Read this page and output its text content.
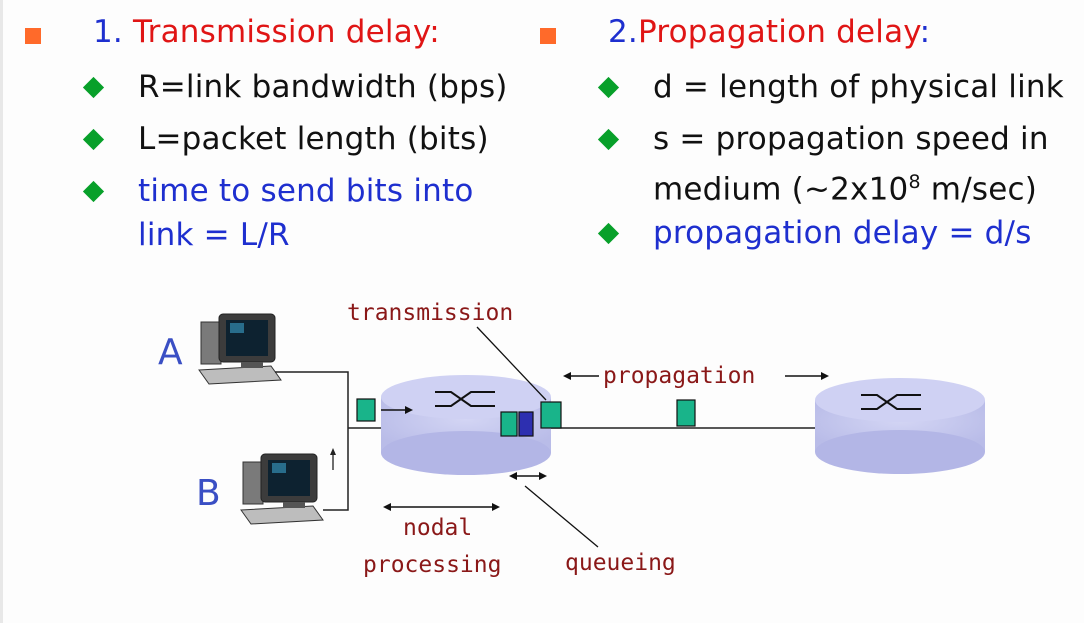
1. Transmission delay:
R=link bandwidth (bps)
L=packet length (bits)
time to send bits into
link = L/R
2.Propagation delay:
d = length of physical link
s = propagation speed in
medium ($\sim 2x10^8$ m/sec)
propagation delay = d/s
A
B
transmission
propagation
nodal
processing	queueing
